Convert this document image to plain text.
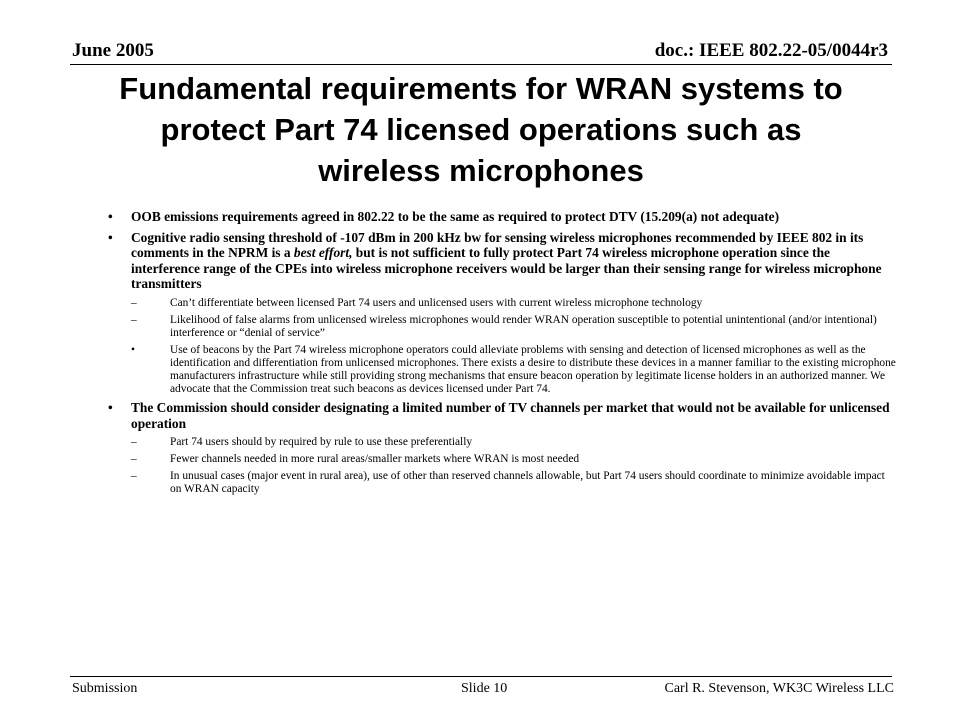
June 2005	doc.: IEEE 802.22-05/0044r3
Fundamental requirements for WRAN systems to
protect Part 74 licensed operations such as
wireless microphones
• OOB emissions requirements agreed in 802.22 to be the same as required to protect DTV (15.209(a) not adequate)
• Cognitive radio sensing threshold of -107 dBm in 200 kHz bw for sensing wireless microphones recommended by IEEE 802 in its comments in the NPRM is a best effort, but is not sufficient to fully protect Part 74 wireless microphone operation since the interference range of the CPEs into wireless microphone receivers would be larger than their sensing range for wireless microphone transmitters
–	Can’t differentiate between licensed Part 74 users and unlicensed users with current wireless microphone technology
–	Likelihood of false alarms from unlicensed wireless microphones would render WRAN operation susceptible to potential unintentional (and/or intentional) interference or “denial of service”
•	Use of beacons by the Part 74 wireless microphone operators could alleviate problems with sensing and detection of licensed microphones as well as the identification and differentiation from unlicensed microphones. There exists a desire to distribute these devices in a manner familiar to the existing microphone manufacturers infrastructure while still providing strong mechanisms that ensure beacon operation by legitimate license holders in an authorized manner. We advocate that the Commission treat such beacons as devices licensed under Part 74.
• The Commission should consider designating a limited number of TV channels per market that would not be available for unlicensed operation
–	Part 74 users should by required by rule to use these preferentially
–	Fewer channels needed in more rural areas/smaller markets where WRAN is most needed
–	In unusual cases (major event in rural area), use of other than reserved channels allowable, but Part 74 users should coordinate to minimize avoidable impact on WRAN capacity
Submission	Slide 10	Carl R. Stevenson, WK3C Wireless LLC
